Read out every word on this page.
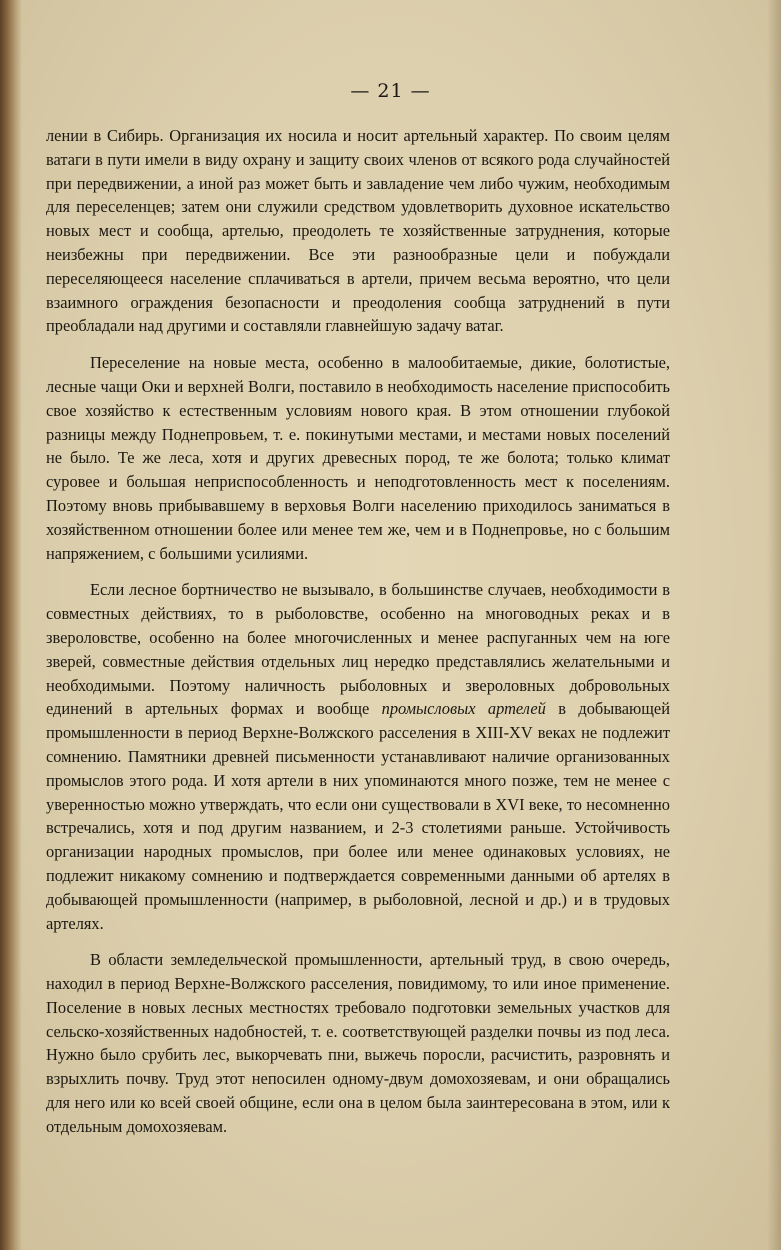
— 21 —

лении в Сибирь. Организация их носила и носит артельный характер. По своим целям ватаги в пути имели в виду охрану и защиту своих членов от всякого рода случайностей при передвижении, а иной раз может быть и завладение чем либо чужим, необходимым для переселенцев; затем они служили средством удовлетворить духовное искательство новых мест и сообща, артелью, преодолеть те хозяйственные затруднения, которые неизбежны при передвижении. Все эти разнообразные цели и побуждали переселяющееся население сплачиваться в артели, причем весьма вероятно, что цели взаимного ограждения безопасности и преодоления сообща затруднений в пути преобладали над другими и составляли главнейшую задачу ватаг.

Переселение на новые места, особенно в малообитаемые, дикие, болотистые, лесные чащи Оки и верхней Волги, поставило в необходимость население приспособить свое хозяйство к естественным условиям нового края. В этом отношении глубокой разницы между Поднепровьем, т. е. покинутыми местами, и местами новых поселений не было. Те же леса, хотя и других древесных пород, те же болота; только климат суровее и большая неприспособленность и неподготовленность мест к поселениям. Поэтому вновь прибывавшему в верховья Волги населению приходилось заниматься в хозяйственном отношении более или менее тем же, чем и в Поднепровье, но с большим напряжением, с большими усилиями.

Если лесное бортничество не вызывало, в большинстве случаев, необходимости в совместных действиях, то в рыболовстве, особенно на многоводных реках и в звероловстве, особенно на более многочисленных и менее распуганных чем на юге зверей, совместные действия отдельных лиц нередко представлялись желательными и необходимыми. Поэтому наличность рыболовных и звероловных добровольных единений в артельных формах и вообще промысловых артелей в добывающей промышленности в период Верхне-Волжского расселения в XIII-XV веках не подлежит сомнению. Памятники древней письменности устанавливают наличие организованных промыслов этого рода. И хотя артели в них упоминаются много позже, тем не менее с уверенностью можно утверждать, что если они существовали в XVI веке, то несомненно встречались, хотя и под другим названием, и 2-3 столетиями раньше. Устойчивость организации народных промыслов, при более или менее одинаковых условиях, не подлежит никакому сомнению и подтверждается современными данными об артелях в добывающей промышленности (например, в рыболовной, лесной и др.) и в трудовых артелях.

В области земледельческой промышленности, артельный труд, в свою очередь, находил в период Верхне-Волжского расселения, повидимому, то или иное применение. Поселение в новых лесных местностях требовало подготовки земельных участков для сельско-хозяйственных надобностей, т. е. соответствующей разделки почвы из под леса. Нужно было срубить лес, выкорчевать пни, выжечь поросли, расчистить, разровнять и взрыхлить почву. Труд этот непосилен одному-двум домохозяевам, и они обращались для него или ко всей своей общине, если она в целом была заинтересована в этом, или к отдельным домохозяевам.
